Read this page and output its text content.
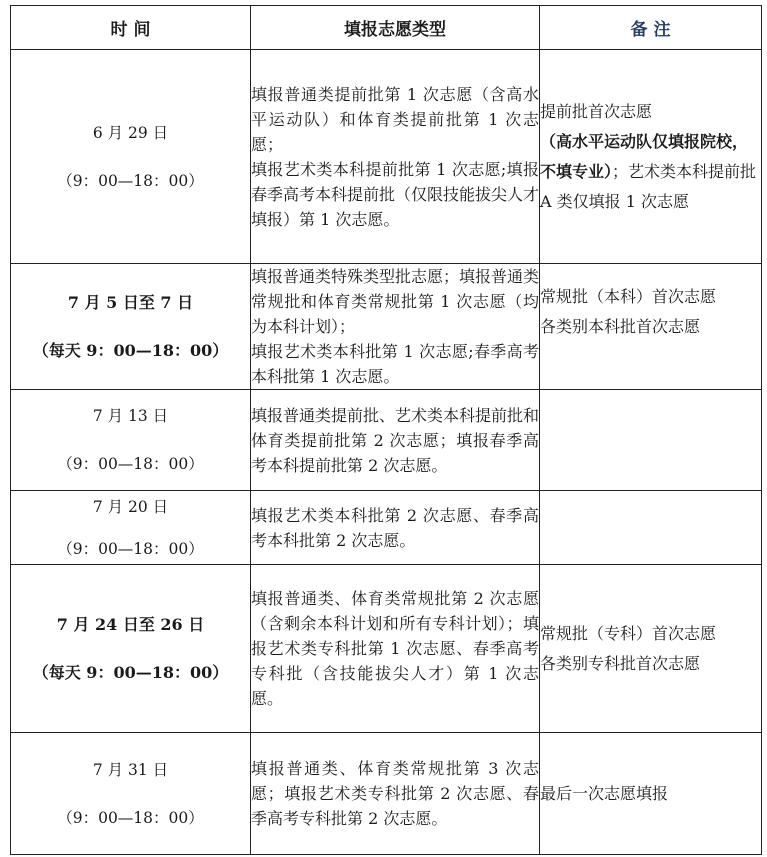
时 间	填报志愿类型	备 注

6 月 29 日
（9：00—18：00）	填报普通类提前批第 1 次志愿（含高水平运动队）和体育类提前批第 1 次志愿；
填报艺术类本科提前批第 1 次志愿;填报春季高考本科提前批（仅限技能拔尖人才填报）第 1 次志愿。	提前批首次志愿
（高水平运动队仅填报院校，不填专业）；艺术类本科提前批 A 类仅填报 1 次志愿

7 月 5 日至 7 日
（每天 9：00—18：00）	填报普通类特殊类型批志愿；填报普通类常规批和体育类常规批第 1 次志愿（均为本科计划）；
填报艺术类本科批第 1 次志愿;春季高考本科批第 1 次志愿。	常规批（本科）首次志愿
各类别本科批首次志愿

7 月 13 日
（9：00—18：00）	填报普通类提前批、艺术类本科提前批和体育类提前批第 2 次志愿；填报春季高考本科提前批第 2 次志愿。	

7 月 20 日
（9：00—18：00）	填报艺术类本科批第 2 次志愿、春季高考本科批第 2 次志愿。	

7 月 24 日至 26 日
（每天 9：00—18：00）	填报普通类、体育类常规批第 2 次志愿（含剩余本科计划和所有专科计划）；填报艺术类专科批第 1 次志愿、春季高考专科批（含技能拔尖人才）第 1 次志愿。	常规批（专科）首次志愿
各类别专科批首次志愿

7 月 31 日
（9：00—18：00）	填报普通类、体育类常规批第 3 次志愿；填报艺术类专科批第 2 次志愿、春季高考专科批第 2 次志愿。	最后一次志愿填报
